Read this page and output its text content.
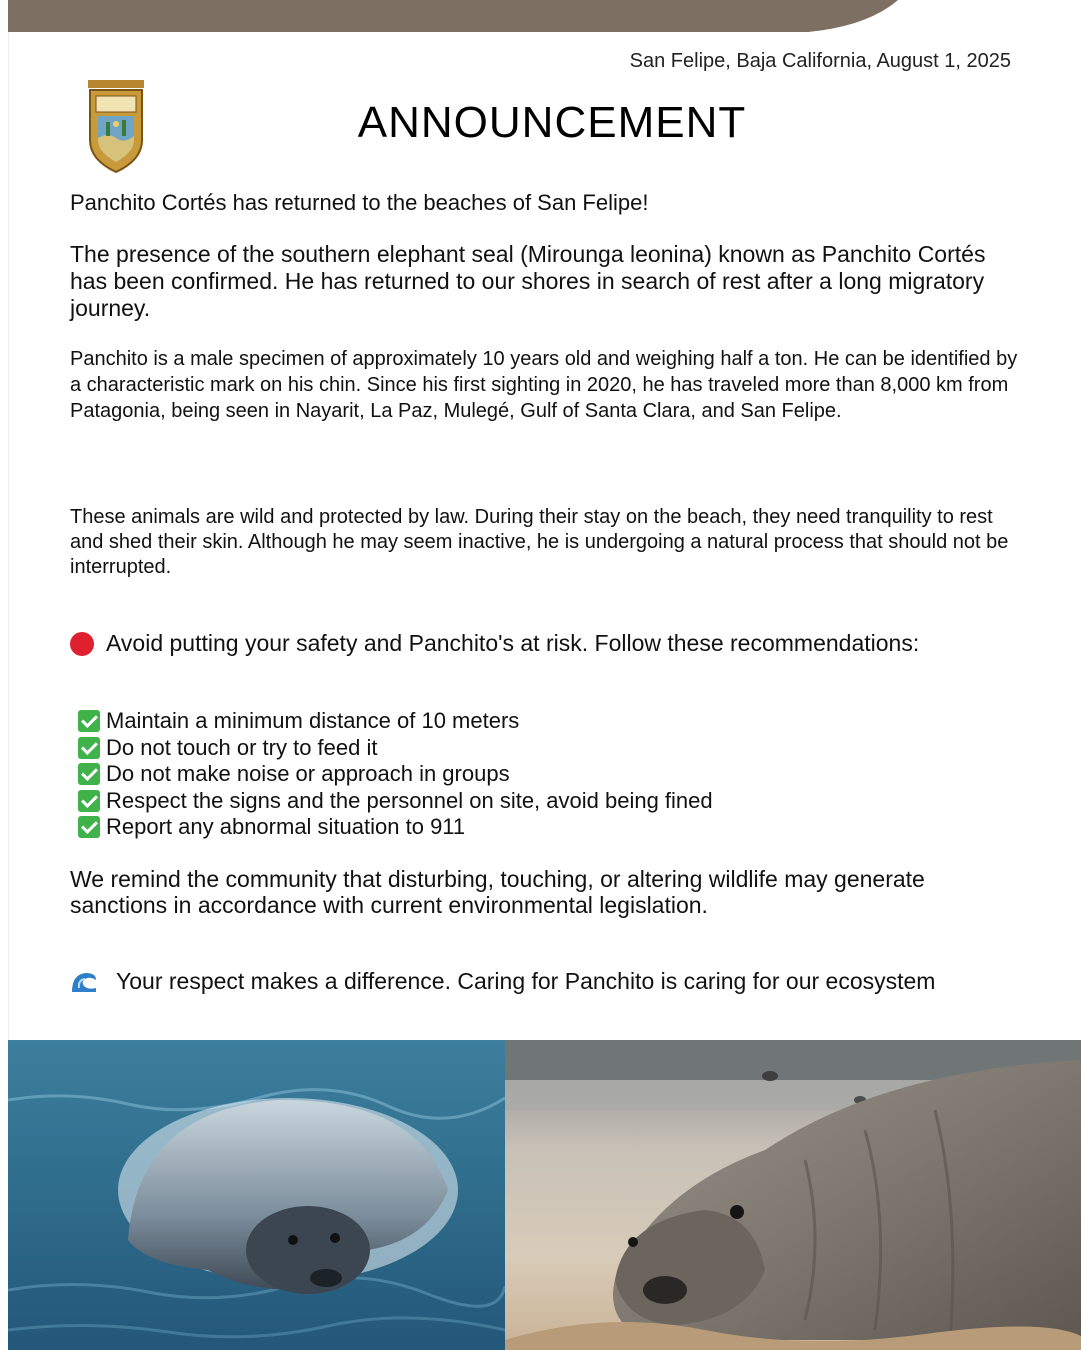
San Felipe, Baja California, August 1, 2025
ANNOUNCEMENT
Panchito Cortés has returned to the beaches of San Felipe!
The presence of the southern elephant seal (Mirounga leonina) known as Panchito Cortés has been confirmed. He has returned to our shores in search of rest after a long migratory journey.
Panchito is a male specimen of approximately 10 years old and weighing half a ton. He can be identified by a characteristic mark on his chin. Since his first sighting in 2020, he has traveled more than 8,000 km from Patagonia, being seen in Nayarit, La Paz, Mulegé, Gulf of Santa Clara, and San Felipe.
These animals are wild and protected by law. During their stay on the beach, they need tranquility to rest and shed their skin. Although he may seem inactive, he is undergoing a natural process that should not be interrupted.
Avoid putting your safety and Panchito's at risk. Follow these recommendations:
Maintain a minimum distance of 10 meters
Do not touch or try to feed it
Do not make noise or approach in groups
Respect the signs and the personnel on site, avoid being fined
Report any abnormal situation to 911
We remind the community that disturbing, touching, or altering wildlife may generate sanctions in accordance with current environmental legislation.
Your respect makes a difference. Caring for Panchito is caring for our ecosystem
